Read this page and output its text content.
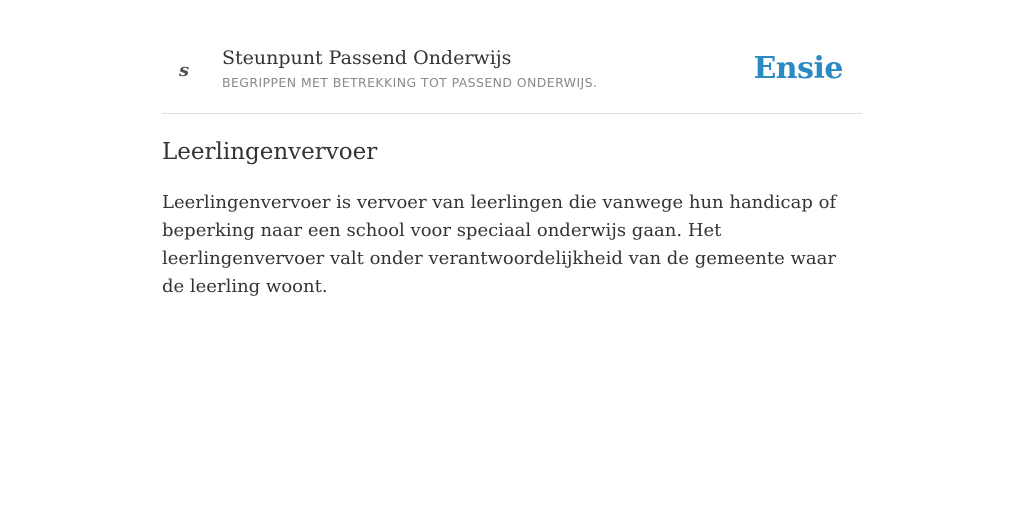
s
Steunpunt Passend Onderwijs
BEGRIPPEN MET BETREKKING TOT PASSEND ONDERWIJS.	Ensie
Leerlingenvervoer

Leerlingenvervoer is vervoer van leerlingen die vanwege hun handicap of beperking naar een school voor speciaal onderwijs gaan. Het leerlingenvervoer valt onder verantwoordelijkheid van de gemeente waar de leerling woont.
